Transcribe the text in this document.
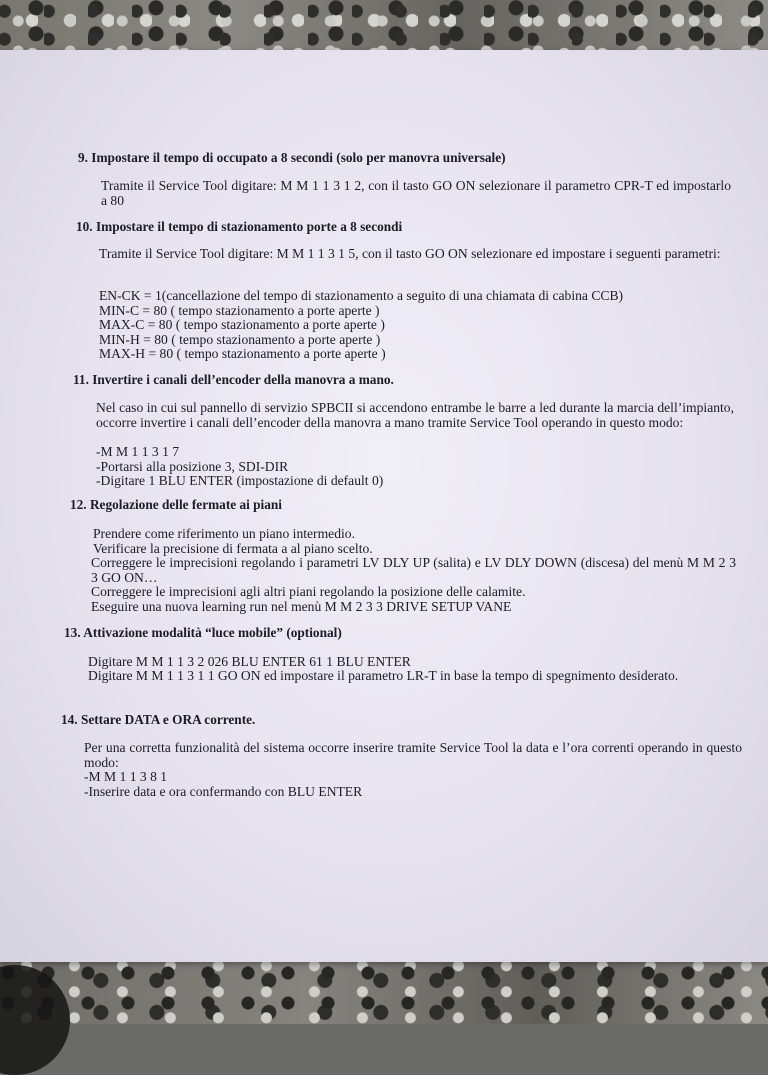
9. Impostare il tempo di occupato a 8 secondi (solo per manovra universale)

Tramite il Service Tool digitare: M M 1 1 3 1 2, con il tasto GO ON selezionare il parametro CPR-T ed impostarlo a 80

10. Impostare il tempo di stazionamento porte a 8 secondi

Tramite il Service Tool digitare: M M 1 1 3 1 5, con il tasto GO ON selezionare ed impostare i seguenti parametri:

EN-CK = 1(cancellazione del tempo di stazionamento a seguito di una chiamata di cabina CCB)
MIN-C = 80 ( tempo stazionamento a porte aperte )
MAX-C = 80 ( tempo stazionamento a porte aperte )
MIN-H = 80 ( tempo stazionamento a porte aperte )
MAX-H = 80 ( tempo stazionamento a porte aperte )
11. Invertire i canali dell’encoder della manovra a mano.

Nel caso in cui sul pannello di servizio SPBCII si accendono entrambe le barre a led durante la marcia dell’impianto, occorre invertire i canali dell’encoder della manovra a mano tramite Service Tool operando in questo modo:

-M M 1 1 3 1 7
-Portarsi alla posizione 3, SDI-DIR
-Digitare 1 BLU ENTER (impostazione di default 0)
12. Regolazione delle fermate ai piani
Prendere come riferimento un piano intermedio.
Verificare la precisione di fermata a al piano scelto.

Correggere le imprecisioni regolando i parametri LV DLY UP (salita) e LV DLY DOWN (discesa) del menù M M 2 3 3 GO ON…

Correggere le imprecisioni agli altri piani regolando la posizione delle calamite.
Eseguire una nuova learning run nel menù M M 2 3 3 DRIVE SETUP VANE
13. Attivazione modalità “luce mobile” (optional)
Digitare M M 1 1 3 2 026 BLU ENTER 61 1 BLU ENTER

Digitare M M 1 1 3 1 1 GO ON ed impostare il parametro LR-T in base la tempo di spegnimento desiderato.

14. Settare DATA e ORA corrente.

Per una corretta funzionalità del sistema occorre inserire tramite Service Tool la data e l’ora correnti operando in questo modo:

-M M 1 1 3 8 1
-Inserire data e ora confermando con BLU ENTER
